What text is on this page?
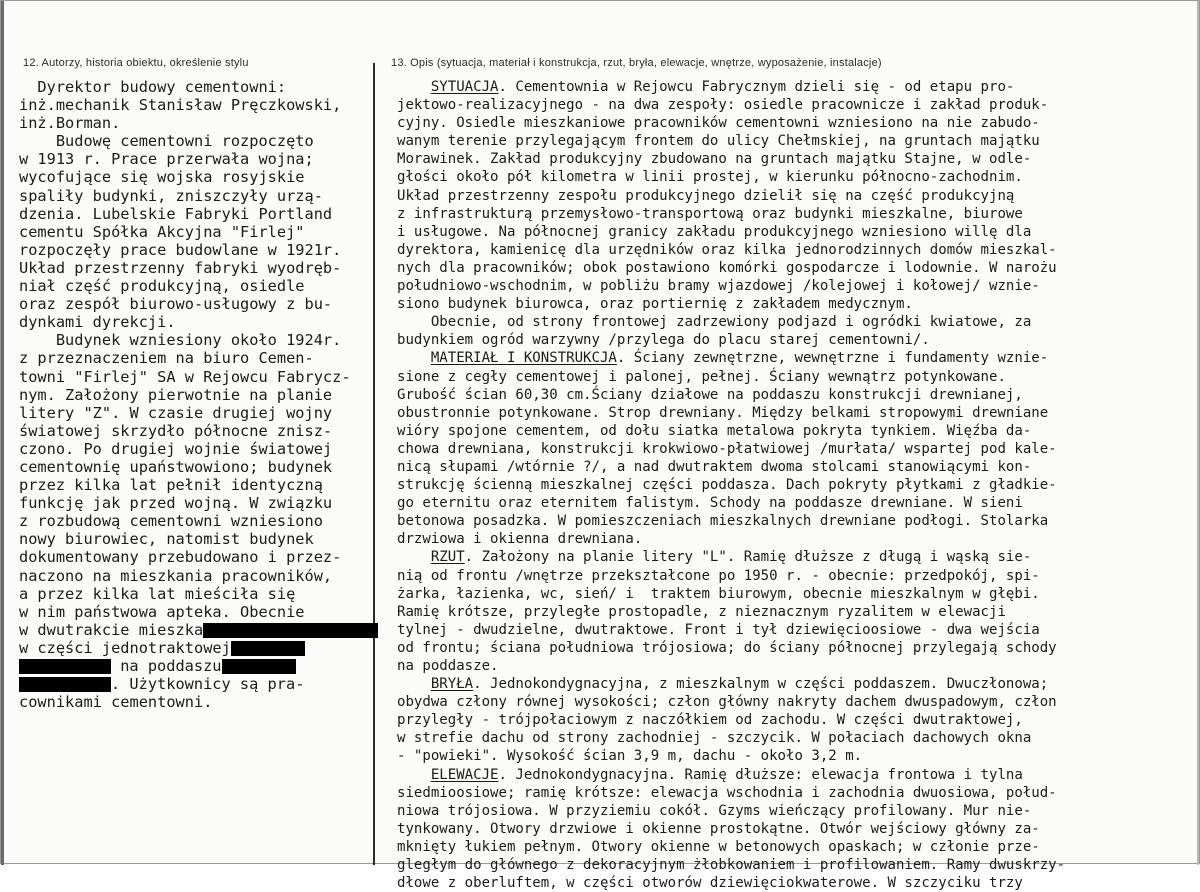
12. Autorzy, historia obiektu, określenie stylu	13. Opis (sytuacja, materiał i konstrukcja, rzut, bryła, elewacje, wnętrze, wyposażenie, instalacje)
Dyrektor budowy cementowni:
inż.mechanik Stanisław Pręczkowski,
inż.Borman.
Budowę cementowni rozpoczęto
w 1913 r. Prace przerwała wojna;
wycofujące się wojska rosyjskie
spaliły budynki, zniszczyły urzą-
dzenia. Lubelskie Fabryki Portland
cementu Spółka Akcyjna "Firlej"
rozpoczęły prace budowlane w 1921r.
Układ przestrzenny fabryki wyodręb-
niał część produkcyjną, osiedle
oraz zespół biurowo-usługowy z bu-
dynkami dyrekcji.
Budynek wzniesiony około 1924r.
z przeznaczeniem na biuro Cemen-
towni "Firlej" SA w Rejowcu Fabrycz-
nym. Założony pierwotnie na planie
litery "Z". W czasie drugiej wojny
światowej skrzydło północne znisz-
czono. Po drugiej wojnie światowej
cementownię upaństwowiono; budynek
przez kilka lat pełnił identyczną
funkcję jak przed wojną. W związku
z rozbudową cementowni wzniesiono
nowy biurowiec, natomist budynek
dokumentowany przebudowano i przez-
naczono na mieszkania pracowników,
a przez kilka lat mieściła się
w nim państwowa apteka. Obecnie
w dwutrakcie mieszka
w części jednotraktowej
na poddaszu
. Użytkownicy są pra-
cownikami cementowni.
SYTUACJA. Cementownia w Rejowcu Fabrycznym dzieli się - od etapu pro-
jektowo-realizacyjnego - na dwa zespoły: osiedle pracownicze i zakład produk-
cyjny. Osiedle mieszkaniowe pracowników cementowni wzniesiono na nie zabudo-
wanym terenie przylegającym frontem do ulicy Chełmskiej, na gruntach majątku
Morawinek. Zakład produkcyjny zbudowano na gruntach majątku Stajne, w odle-
głości około pół kilometra w linii prostej, w kierunku północno-zachodnim.
Układ przestrzenny zespołu produkcyjnego dzielił się na część produkcyjną
z infrastrukturą przemysłowo-transportową oraz budynki mieszkalne, biurowe
i usługowe. Na północnej granicy zakładu produkcyjnego wzniesiono willę dla
dyrektora, kamienicę dla urzędników oraz kilka jednorodzinnych domów mieszkal-
nych dla pracowników; obok postawiono komórki gospodarcze i lodownie. W narożu
południowo-wschodnim, w pobliżu bramy wjazdowej /kolejowej i kołowej/ wznie-
siono budynek biurowca, oraz portiernię z zakładem medycznym.
Obecnie, od strony frontowej zadrzewiony podjazd i ogródki kwiatowe, za
budynkiem ogród warzywny /przylega do placu starej cementowni/.
MATERIAŁ I KONSTRUKCJA. Ściany zewnętrzne, wewnętrzne i fundamenty wznie-
sione z cegły cementowej i palonej, pełnej. Ściany wewnątrz potynkowane.
Grubość ścian 60,30 cm.Ściany działowe na poddaszu konstrukcji drewnianej,
obustronnie potynkowane. Strop drewniany. Między belkami stropowymi drewniane
wióry spojone cementem, od dołu siatka metalowa pokryta tynkiem. Więźba da-
chowa drewniana, konstrukcji krokwiowo-płatwiowej /murłata/ wspartej pod kale-
nicą słupami /wtórnie ?/, a nad dwutraktem dwoma stolcami stanowiącymi kon-
strukcję ścienną mieszkalnej części poddasza. Dach pokryty płytkami z gładkie-
go eternitu oraz eternitem falistym. Schody na poddasze drewniane. W sieni
betonowa posadzka. W pomieszczeniach mieszkalnych drewniane podłogi. Stolarka
drzwiowa i okienna drewniana.
RZUT. Założony na planie litery "L". Ramię dłuższe z długą i wąską sie-
nią od frontu /wnętrze przekształcone po 1950 r. - obecnie: przedpokój, spi-
żarka, łazienka, wc, sień/ i  traktem biurowym, obecnie mieszkalnym w głębi.
Ramię krótsze, przyległe prostopadle, z nieznacznym ryzalitem w elewacji
tylnej - dwudzielne, dwutraktowe. Front i tył dziewięcioosiowe - dwa wejścia
od frontu; ściana południowa trójosiowa; do ściany północnej przylegają schody
na poddasze.
BRYŁA. Jednokondygnacyjna, z mieszkalnym w części poddaszem. Dwuczłonowa;
obydwa człony równej wysokości; człon główny nakryty dachem dwuspadowym, człon
przyległy - trójpołaciowym z naczółkiem od zachodu. W części dwutraktowej,
w strefie dachu od strony zachodniej - szczycik. W połaciach dachowych okna
- "powieki". Wysokość ścian 3,9 m, dachu - około 3,2 m.
ELEWACJE. Jednokondygnacyjna. Ramię dłuższe: elewacja frontowa i tylna
siedmioosiowe; ramię krótsze: elewacja wschodnia i zachodnia dwuosiowa, połud-
niowa trójosiowa. W przyziemiu cokół. Gzyms wieńczący profilowany. Mur nie-
tynkowany. Otwory drzwiowe i okienne prostokątne. Otwór wejściowy główny za-
mknięty łukiem pełnym. Otwory okienne w betonowych opaskach; w członie prze-
gległym do głównego z dekoracyjnym żłobkowaniem i profilowaniem. Ramy dwuskrzy-
dłowe z oberluftem, w części otworów dziewięciokwaterowe. W szczyciku trzy
